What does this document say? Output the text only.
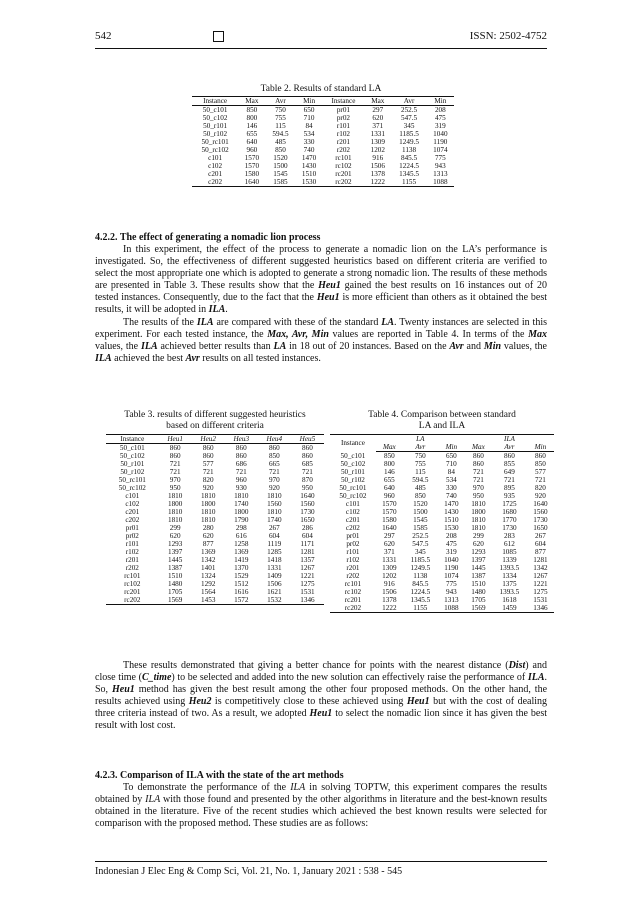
542	ISSN: 2502-4752
Table 2. Results of standard LA
Instance	Max	Avr	Min	Instance	Max	Avr	Min
50_c101	850	750	650	pr01	297	252.5	208
50_c102	800	755	710	pr02	620	547.5	475
50_r101	146	115	84	r101	371	345	319
50_r102	655	594.5	534	r102	1331	1185.5	1040
50_rc101	640	485	330	r201	1309	1249.5	1190
50_rc102	960	850	740	r202	1202	1138	1074
c101	1570	1520	1470	rc101	916	845.5	775
c102	1570	1500	1430	rc102	1506	1224.5	943
c201	1580	1545	1510	rc201	1378	1345.5	1313
c202	1640	1585	1530	rc202	1222	1155	1088
4.2.2. The effect of generating a nomadic lion process

In this experiment, the effect of the process to generate a nomadic lion on the LA’s performance is investigated. So, the effectiveness of different suggested heuristics based on different criteria are verified to select the most appropriate one which is adopted to generate a strong nomadic lion. The results of these methods are presented in Table 3. These results show that the Heu1 gained the best results on 16 instances out of 20 tested instances. Consequently, due to the fact that the Heu1 is more efficient than others as it obtained the best results, it will be adopted in ILA.

The results of the ILA are compared with these of the standard LA. Twenty instances are selected in this experiment. For each tested instance, the Max, Avr, Min values are reported in Table 4. In terms of the Max values, the ILA achieved better results than LA in 18 out of 20 instances. Based on the Avr and Min values, the ILA achieved the best Avr results on all tested instances.

Table 3. results of different suggested heuristics
based on different criteria
Instance	Heu1	Heu2	Heu3	Heu4	Heu5
50_c101	860	860	860	860	860
50_c102	860	860	860	850	860
50_r101	721	577	686	665	685
50_r102	721	721	721	721	721
50_rc101	970	820	960	970	870
50_rc102	950	920	930	920	950
c101	1810	1810	1810	1810	1640
c102	1800	1800	1740	1560	1560
c201	1810	1810	1800	1810	1730
c202	1810	1810	1790	1740	1650
pr01	299	280	298	267	286
pr02	620	620	616	604	604
r101	1293	877	1258	1119	1171
r102	1397	1369	1369	1285	1281
r201	1445	1342	1419	1418	1357
r202	1387	1401	1370	1331	1267
rc101	1510	1324	1529	1409	1221
rc102	1480	1292	1512	1506	1275
rc201	1705	1564	1616	1621	1531
rc202	1569	1453	1572	1532	1346
Table 4. Comparison between standard
LA and ILA
Instance	LA			ILA		
	Max	Avr	Min	Max	Avr	Min
50_c101	850	750	650	860	860	860
50_c102	800	755	710	860	855	850
50_r101	146	115	84	721	649	577
50_r102	655	594.5	534	721	721	721
50_rc101	640	485	330	970	895	820
50_rc102	960	850	740	950	935	920
c101	1570	1520	1470	1810	1725	1640
c102	1570	1500	1430	1800	1680	1560
c201	1580	1545	1510	1810	1770	1730
c202	1640	1585	1530	1810	1730	1650
pr01	297	252.5	208	299	283	267
pr02	620	547.5	475	620	612	604
r101	371	345	319	1293	1085	877
r102	1331	1185.5	1040	1397	1339	1281
r201	1309	1249.5	1190	1445	1393.5	1342
r202	1202	1138	1074	1387	1334	1267
rc101	916	845.5	775	1510	1375	1221
rc102	1506	1224.5	943	1480	1393.5	1275
rc201	1378	1345.5	1313	1705	1618	1531
rc202	1222	1155	1088	1569	1459	1346

These results demonstrated that giving a better chance for points with the nearest distance (Dist) and close time (C_time) to be selected and added into the new solution can effectively raise the performance of ILA. So, Heu1 method has given the best result among the other four proposed methods. On the other hand, the results achieved using Heu2 is competitively close to these achieved using Heu1 but with the cost of dealing three criteria instead of two. As a result, we adopted Heu1 to select the nomadic lion since it has given the best result with lost cost.

4.2.3. Comparison of ILA with the state of the art methods

To demonstrate the performance of the ILA in solving TOPTW, this experiment compares the results obtained by ILA with those found and presented by the other algorithms in literature and the best-known results obtained in the literature. Five of the recent studies which achieved the best known results were selected for comparison with the proposed method. These studies are as follows:

Indonesian J Elec Eng & Comp Sci, Vol. 21, No. 1, January 2021 : 538 - 545
